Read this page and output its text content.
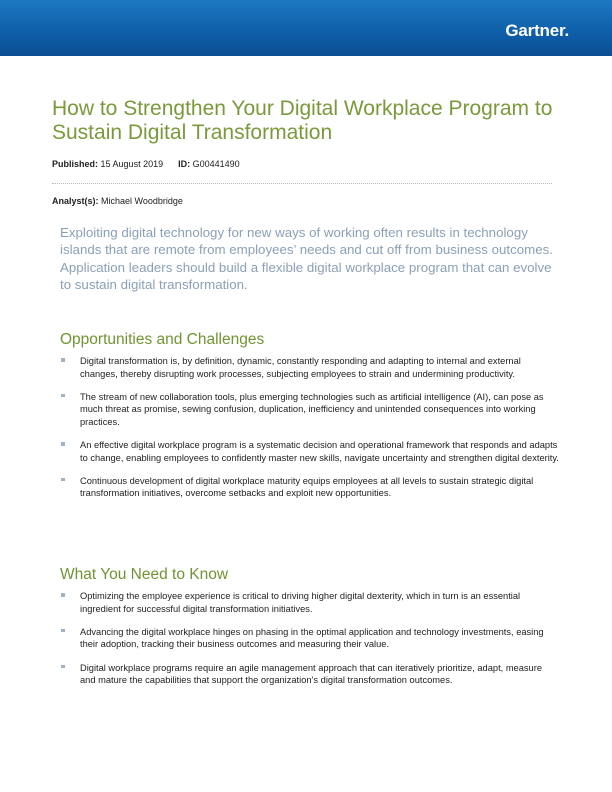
Gartner.
How to Strengthen Your Digital Workplace Program to Sustain Digital Transformation
Published: 15 August 2019 ID: G00441490
Analyst(s): Michael Woodbridge

Exploiting digital technology for new ways of working often results in technology islands that are remote from employees’ needs and cut off from business outcomes. Application leaders should build a flexible digital workplace program that can evolve to sustain digital transformation.

Opportunities and Challenges
Digital transformation is, by definition, dynamic, constantly responding and adapting to internal and external changes, thereby disrupting work processes, subjecting employees to strain and undermining productivity.
The stream of new collaboration tools, plus emerging technologies such as artificial intelligence (AI), can pose as much threat as promise, sewing confusion, duplication, inefficiency and unintended consequences into working practices.
An effective digital workplace program is a systematic decision and operational framework that responds and adapts to change, enabling employees to confidently master new skills, navigate uncertainty and strengthen digital dexterity.
Continuous development of digital workplace maturity equips employees at all levels to sustain strategic digital transformation initiatives, overcome setbacks and exploit new opportunities.
What You Need to Know
Optimizing the employee experience is critical to driving higher digital dexterity, which in turn is an essential ingredient for successful digital transformation initiatives.
Advancing the digital workplace hinges on phasing in the optimal application and technology investments, easing their adoption, tracking their business outcomes and measuring their value.
Digital workplace programs require an agile management approach that can iteratively prioritize, adapt, measure and mature the capabilities that support the organization’s digital transformation outcomes.
